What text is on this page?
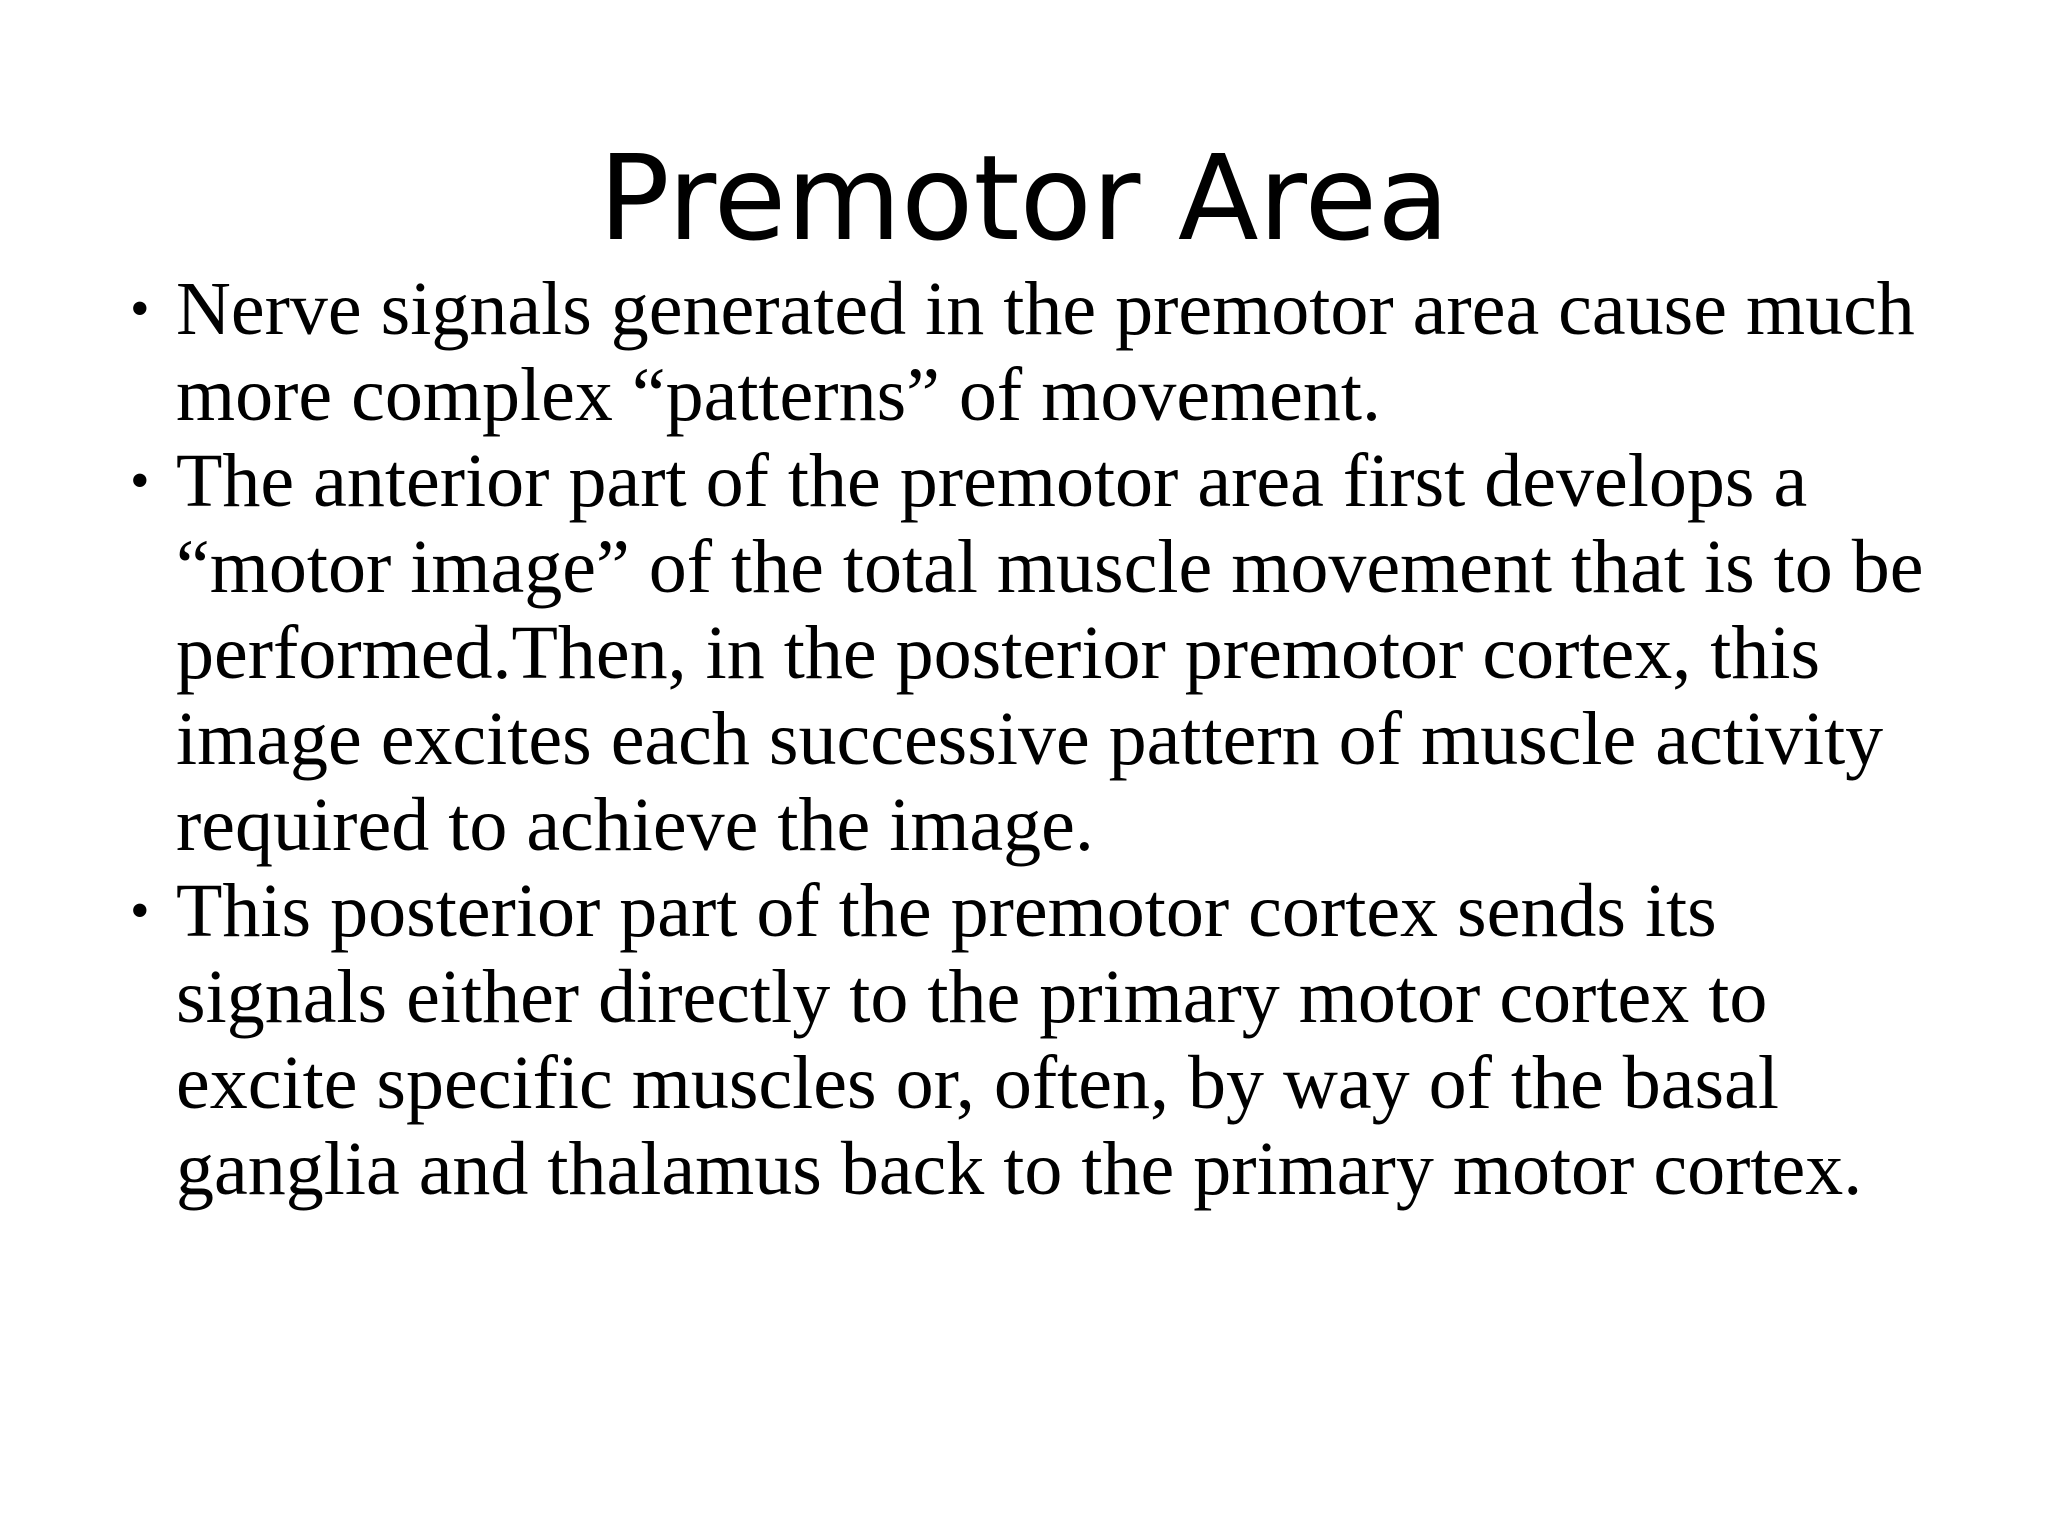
Premotor Area
• Nerve signals generated in the premotor area cause much
more complex “patterns” of movement.
• The anterior part of the premotor area first develops a
“motor image” of the total muscle movement that is to be
performed.Then, in the posterior premotor cortex, this
image excites each successive pattern of muscle activity
required to achieve the image.
• This posterior part of the premotor cortex sends its
signals either directly to the primary motor cortex to
excite specific muscles or, often, by way of the basal
ganglia and thalamus back to the primary motor cortex.
